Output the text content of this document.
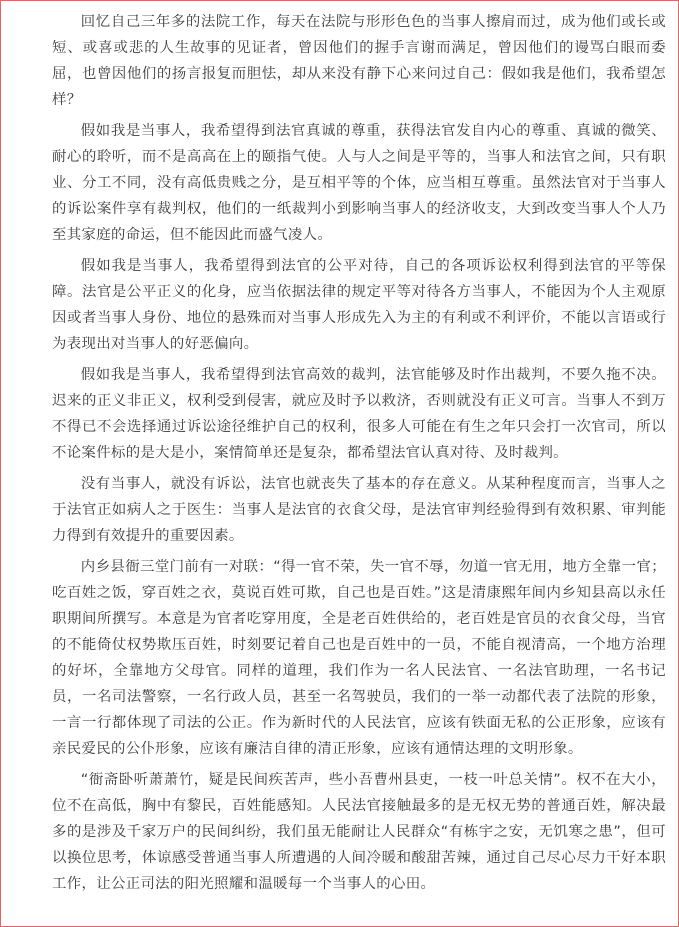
回忆自己三年多的法院工作，每天在法院与形形色色的当事人擦肩而过，成为他们或长或短、或喜或悲的人生故事的见证者，曾因他们的握手言谢而满足，曾因他们的谩骂白眼而委屈，也曾因他们的扬言报复而胆怯，却从来没有静下心来问过自己：假如我是他们，我希望怎样？

假如我是当事人，我希望得到法官真诚的尊重，获得法官发自内心的尊重、真诚的微笑、耐心的聆听，而不是高高在上的颐指气使。人与人之间是平等的，当事人和法官之间，只有职业、分工不同，没有高低贵贱之分，是互相平等的个体，应当相互尊重。虽然法官对于当事人的诉讼案件享有裁判权，他们的一纸裁判小到影响当事人的经济收支，大到改变当事人个人乃至其家庭的命运，但不能因此而盛气凌人。

假如我是当事人，我希望得到法官的公平对待，自己的各项诉讼权利得到法官的平等保障。法官是公平正义的化身，应当依据法律的规定平等对待各方当事人，不能因为个人主观原因或者当事人身份、地位的悬殊而对当事人形成先入为主的有利或不利评价，不能以言语或行为表现出对当事人的好恶偏向。

假如我是当事人，我希望得到法官高效的裁判，法官能够及时作出裁判，不要久拖不决。迟来的正义非正义，权利受到侵害，就应及时予以救济，否则就没有正义可言。当事人不到万不得已不会选择通过诉讼途径维护自己的权利，很多人可能在有生之年只会打一次官司，所以不论案件标的是大是小，案情简单还是复杂，都希望法官认真对待、及时裁判。

没有当事人，就没有诉讼，法官也就丧失了基本的存在意义。从某种程度而言，当事人之于法官正如病人之于医生：当事人是法官的衣食父母，是法官审判经验得到有效积累、审判能力得到有效提升的重要因素。

内乡县衙三堂门前有一对联：“得一官不荣，失一官不辱，勿道一官无用，地方全靠一官；吃百姓之饭，穿百姓之衣，莫说百姓可欺，自己也是百姓。”这是清康熙年间内乡知县高以永任职期间所撰写。本意是为官者吃穿用度，全是老百姓供给的，老百姓是官员的衣食父母，当官的不能倚仗权势欺压百姓，时刻要记着自己也是百姓中的一员，不能自视清高，一个地方治理的好坏，全靠地方父母官。同样的道理，我们作为一名人民法官、一名法官助理，一名书记员，一名司法警察，一名行政人员，甚至一名驾驶员，我们的一举一动都代表了法院的形象，一言一行都体现了司法的公正。作为新时代的人民法官，应该有铁面无私的公正形象，应该有亲民爱民的公仆形象，应该有廉洁自律的清正形象，应该有通情达理的文明形象。

“衙斋卧听萧萧竹，疑是民间疾苦声，些小吾曹州县吏，一枝一叶总关情”。权不在大小，位不在高低，胸中有黎民，百姓能感知。人民法官接触最多的是无权无势的普通百姓，解决最多的是涉及千家万户的民间纠纷，我们虽无能耐让人民群众“有栋宇之安，无饥寒之患”，但可以换位思考，体谅感受普通当事人所遭遇的人间冷暖和酸甜苦辣，通过自己尽心尽力干好本职工作，让公正司法的阳光照耀和温暖每一个当事人的心田。
